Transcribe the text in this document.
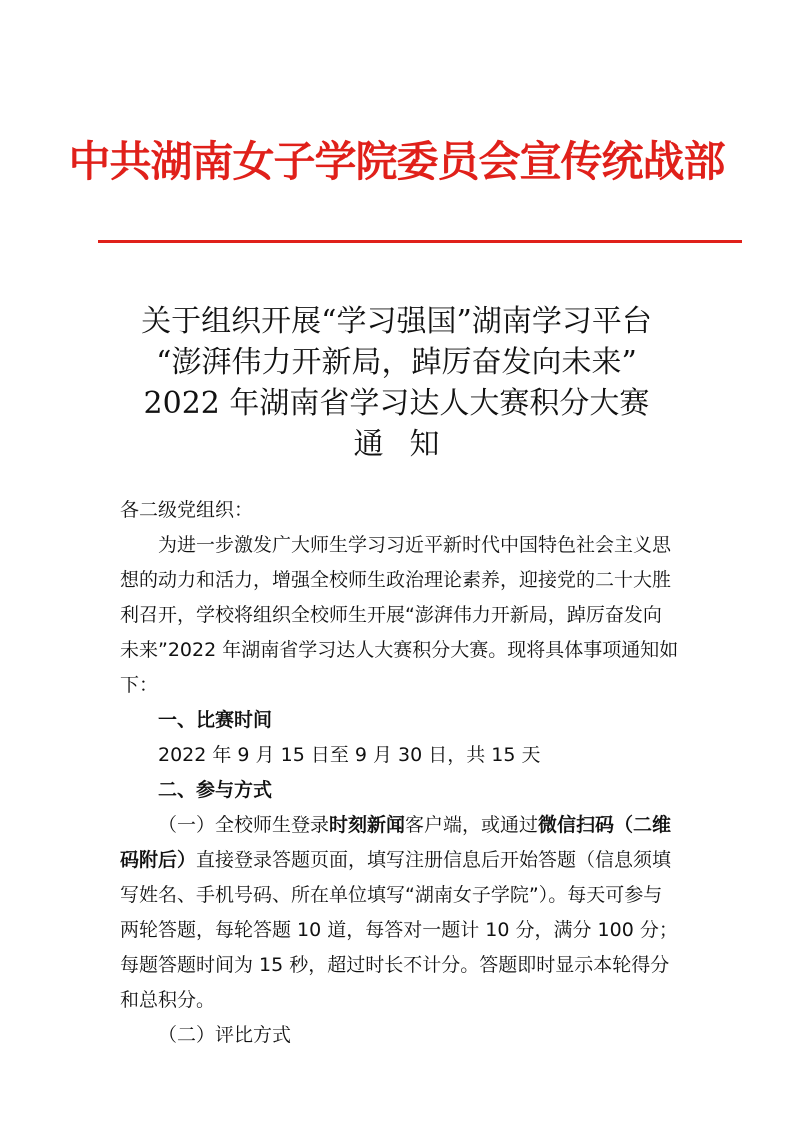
中共湖南女子学院委员会宣传统战部
关于组织开展“学习强国”湖南学习平台
“澎湃伟力开新局，踔厉奋发向未来”
2022 年湖南省学习达人大赛积分大赛
通知

各二级党组织：

为进一步激发广大师生学习习近平新时代中国特色社会主义思想的动力和活力，增强全校师生政治理论素养，迎接党的二十大胜利召开，学校将组织全校师生开展“澎湃伟力开新局，踔厉奋发向未来”2022 年湖南省学习达人大赛积分大赛。现将具体事项通知如下：

一、比赛时间

2022 年 9 月 15 日至 9 月 30 日，共 15 天

二、参与方式

（一）全校师生登录时刻新闻客户端，或通过微信扫码（二维码附后）直接登录答题页面，填写注册信息后开始答题（信息须填写姓名、手机号码、所在单位填写“湖南女子学院”）。每天可参与两轮答题，每轮答题 10 道，每答对一题计 10 分，满分 100 分；每题答题时间为 15 秒，超过时长不计分。答题即时显示本轮得分和总积分。

（二）评比方式
